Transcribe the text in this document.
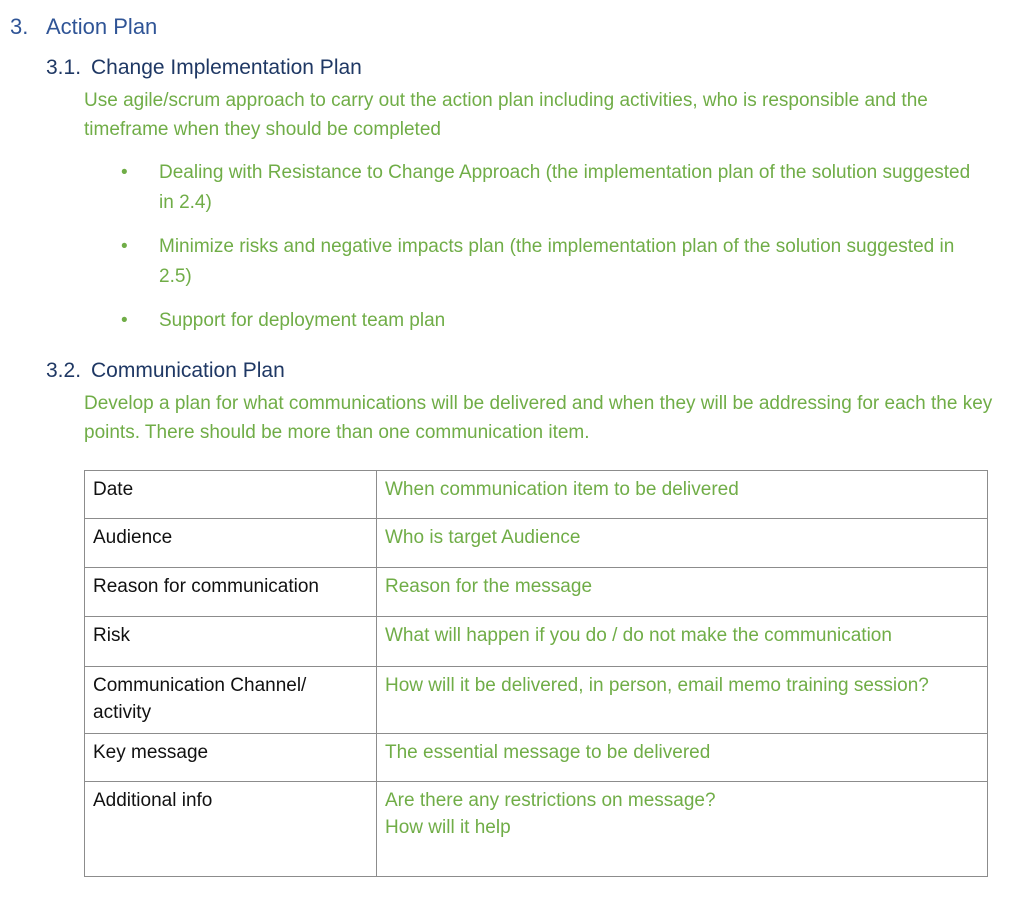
3. Action Plan
3.1. Change Implementation Plan
Use agile/scrum approach to carry out the action plan including activities, who is responsible and the timeframe when they should be completed
• Dealing with Resistance to Change Approach (the implementation plan of the solution suggested in 2.4)
• Minimize risks and negative impacts plan (the implementation plan of the solution suggested in 2.5)
• Support for deployment team plan
3.2. Communication Plan
Develop a plan for what communications will be delivered and when they will be addressing for each the key points. There should be more than one communication item.
Date	When communication item to be delivered
Audience	Who is target Audience
Reason for communication	Reason for the message
Risk	What will happen if you do / do not make the communication
Communication Channel/ activity	How will it be delivered, in person, email memo training session?
Key message	The essential message to be delivered
Additional info	Are there any restrictions on message?
How will it help
